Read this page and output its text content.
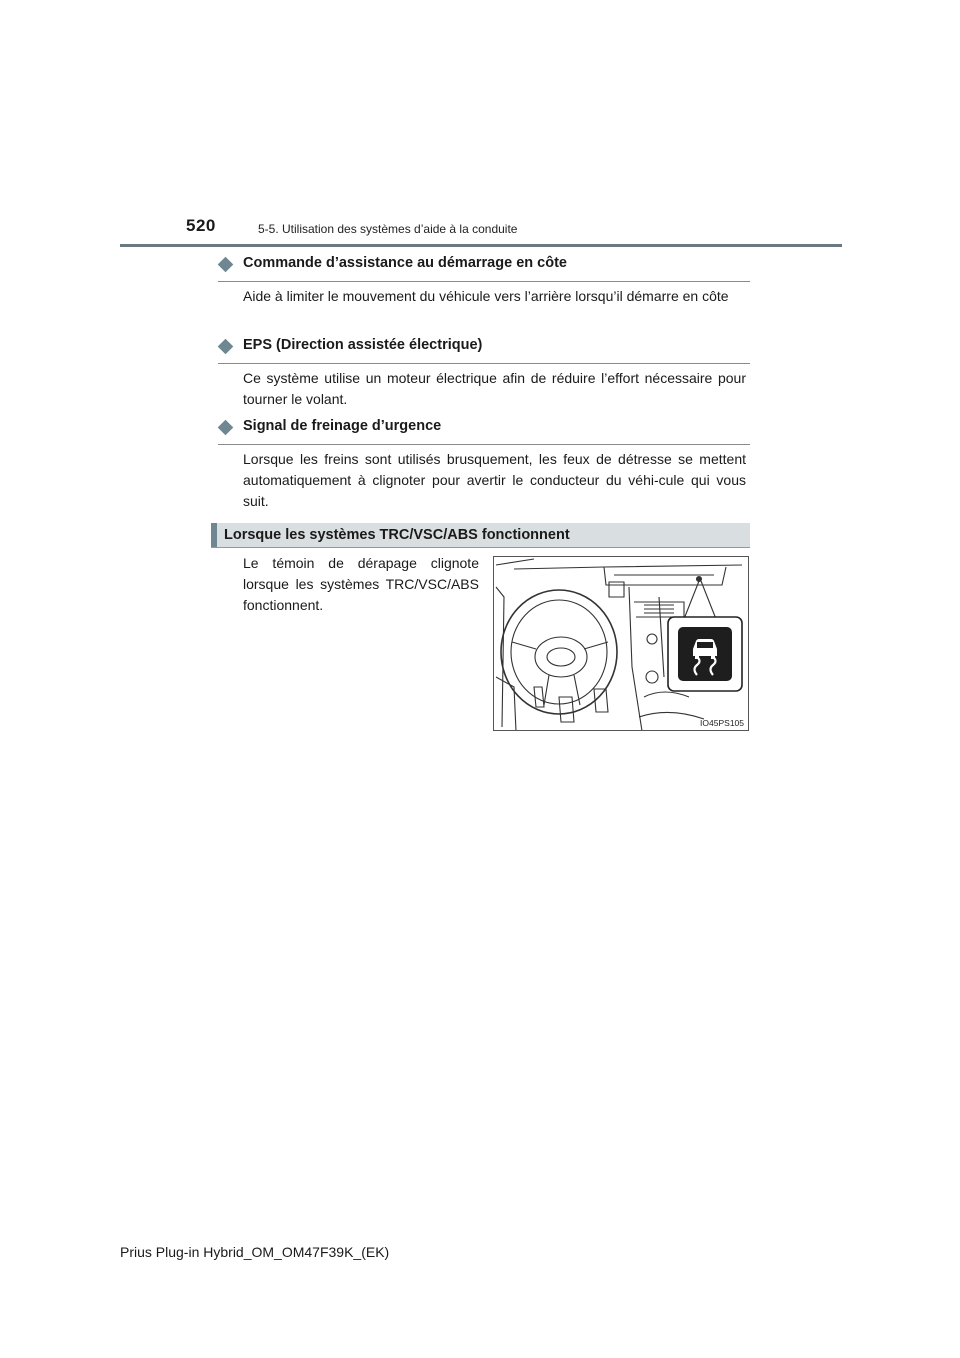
520	5-5. Utilisation des systèmes d’aide à la conduite
Commande d’assistance au démarrage en côte
Aide à limiter le mouvement du véhicule vers l’arrière lorsqu’il démarre en côte
EPS (Direction assistée électrique)
Ce système utilise un moteur électrique afin de réduire l’effort nécessaire pour tourner le volant.
Signal de freinage d’urgence
Lorsque les freins sont utilisés brusquement, les feux de détresse se mettent automatiquement à clignoter pour avertir le conducteur du véhi-cule qui vous suit.
Lorsque les systèmes TRC/VSC/ABS fonctionnent
Le témoin de dérapage clignote lorsque les systèmes TRC/VSC/ABS fonctionnent.
IO45PS105
Prius Plug-in Hybrid_OM_OM47F39K_(EK)
